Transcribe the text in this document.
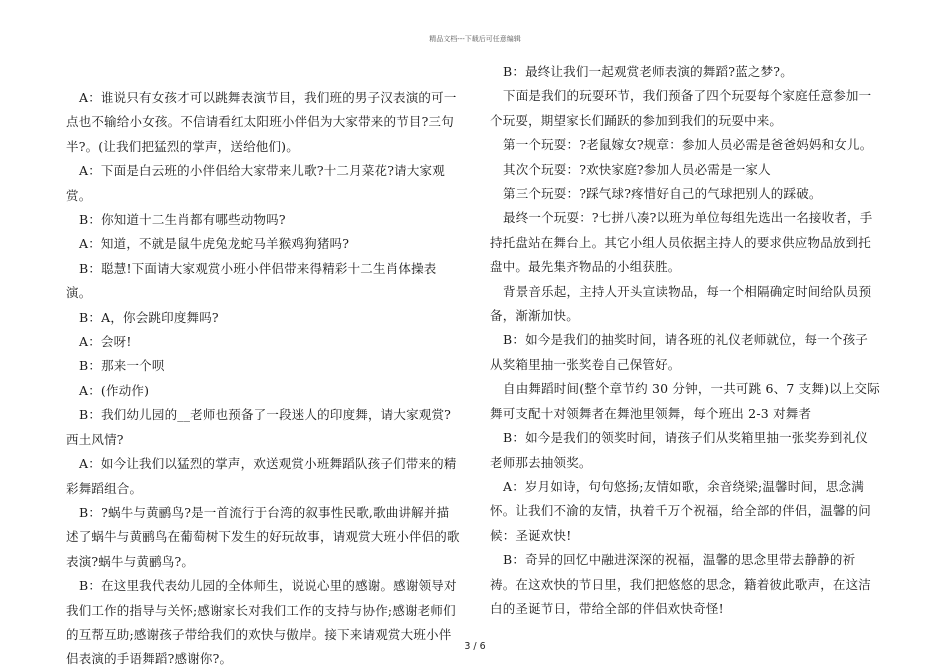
精品文档---下载后可任意编辑

A：谁说只有女孩才可以跳舞表演节目，我们班的男子汉表演的可一点也不输给小女孩。不信请看红太阳班小伴侣为大家带来的节目?三句半?。(让我们把猛烈的掌声，送给他们)。

A：下面是白云班的小伴侣给大家带来儿歌?十二月菜花?请大家观赏。

B：你知道十二生肖都有哪些动物吗?

A：知道，不就是鼠牛虎兔龙蛇马羊猴鸡狗猪吗?

B：聪慧!下面请大家观赏小班小伴侣带来得精彩十二生肖体操表演。

B：A，你会跳印度舞吗?

A：会呀!

B：那来一个呗

A：(作动作)

B：我们幼儿园的__老师也预备了一段迷人的印度舞，请大家观赏?西土风情?

A：如今让我们以猛烈的掌声，欢送观赏小班舞蹈队孩子们带来的精彩舞蹈组合。

B：?蜗牛与黄鹂鸟?是一首流行于台湾的叙事性民歌,歌曲讲解并描述了蜗牛与黄鹂鸟在葡萄树下发生的好玩故事，请观赏大班小伴侣的歌表演?蜗牛与黄鹂鸟?。

B：在这里我代表幼儿园的全体师生，说说心里的感谢。感谢领导对我们工作的指导与关怀;感谢家长对我们工作的支持与协作;感谢老师们的互帮互助;感谢孩子带给我们的欢快与傲岸。接下来请观赏大班小伴侣表演的手语舞蹈?感谢你?。

B：最终让我们一起观赏老师表演的舞蹈?蓝之梦?。

下面是我们的玩耍环节，我们预备了四个玩耍每个家庭任意参加一个玩耍，期望家长们踊跃的参加到我们的玩耍中来。

第一个玩耍：?老鼠嫁女?规章：参加人员必需是爸爸妈妈和女儿。

其次个玩耍：?欢快家庭?参加人员必需是一家人

第三个玩耍：?踩气球?疼惜好自己的气球把别人的踩破。

最终一个玩耍：?七拼八凑?以班为单位每组先选出一名接收者，手持托盘站在舞台上。其它小组人员依据主持人的要求供应物品放到托盘中。最先集齐物品的小组获胜。

背景音乐起，主持人开头宣读物品，每一个相隔确定时间给队员预备，渐渐加快。

B：如今是我们的抽奖时间，请各班的礼仪老师就位，每一个孩子从奖箱里抽一张奖卷自己保管好。

自由舞蹈时间(整个章节约 30 分钟，一共可跳 6、7 支舞)以上交际舞可支配十对领舞者在舞池里领舞，每个班出 2-3 对舞者

B：如今是我们的领奖时间，请孩子们从奖箱里抽一张奖券到礼仪老师那去抽领奖。

A：岁月如诗，句句悠扬;友情如歌，余音绕梁;温馨时间，思念满怀。让我们不渝的友情，执着千万个祝福，给全部的伴侣，温馨的问候：圣诞欢快!

B：奇异的回忆中融进深深的祝福，温馨的思念里带去静静的祈祷。在这欢快的节日里，我们把悠悠的思念，籍着彼此歌声，在这洁白的圣诞节日，带给全部的伴侣欢快奇怪!

3 / 6
